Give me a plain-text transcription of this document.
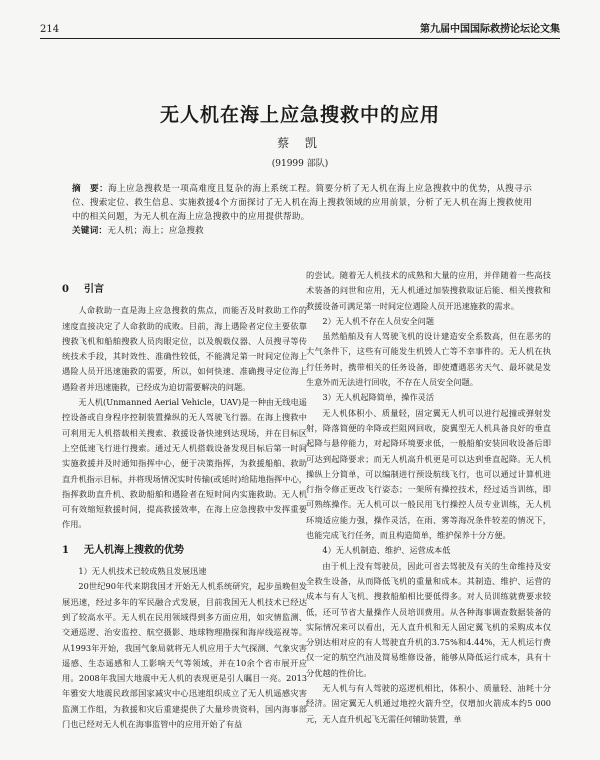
214	第九届中国国际救捞论坛论文集
无人机在海上应急搜救中的应用
蔡 凯
(91999 部队)

摘　要：海上应急搜救是一项高难度且复杂的海上系统工程。简要分析了无人机在海上应急搜救中的优势，从搜寻示位、搜索定位、救生信息、实施救援4个方面探讨了无人机在海上搜救领域的应用前景，分析了无人机在海上搜救使用中的相关问题，为无人机在海上应急搜救中的应用提供帮助。

关键词：无人机；海上；应急搜救

0 引言

人命救助一直是海上应急搜救的焦点，而能否及时救助工作的速度直接决定了人命救助的成败。目前，海上遇险者定位主要依靠搜救飞机和船舶搜救人员肉眼定位，以及舰载仪器、人员搜寻等传统技术手段，其时效性、准确性较低，不能满足第一时间定位海上遇险人员开迅速施救的需要，所以，如何快速、准确搜寻定位海上遇险者并迅速施救，已经成为迫切需要解决的问题。

无人机(Unmanned Aerial Vehicle，UAV)是一种由无线电遥控设备或自身程序控制装置操纵的无人驾驶飞行器。在海上搜救中可利用无人机搭载相关搜索、救援设备快速到达现场，并在目标区上空低速飞行进行搜索。通过无人机搭载设备发现目标后第一时间实施救援并及时通知指挥中心，便于决策指挥，为救援船舶、救助直升机指示目标，并将现场情况实时传输(或延时)给陆地指挥中心，指挥救助直升机、救助船舶和遇险者在短时间内实施救助。无人机可有效缩短救援时间，提高救援效率，在海上应急搜救中发挥重要作用。

1 无人机海上搜救的优势

1）无人机技术已较成熟且发展迅速

20世纪90年代来期我国才开始无人机系统研究，起步虽晚但发展迅速，经过多年的军民融合式发展，目前我国无人机技术已经达到了较高水平。无人机在民用领域得到多方面应用，如灾情监测、交通巡逻、治安监控、航空摄影、地球物理勘探和海岸线巡视等。从1993年开始，我国气象局就将无人机应用于大气探测、气象灾害遥感、生态遥感和人工影响天气等领域，并在10余个省市展开应用。2008年我国大地震中无人机的表现更是引人瞩目一亮。2013年雅安大地震民政部国家减灾中心迅速组织成立了无人机遥感灾害监测工作组，为救援和灾后重建提供了大量珍贵资料，国内海事部门也已经对无人机在海事监管中的应用开始了有益

的尝试。随着无人机技术的成熟和大量的应用，并伴随着一些高技术装备的问世和应用，无人机通过加装搜救取证后能、相关搜救和救援设备可满足第一时间定位遇险人员开迅速施救的需求。

2）无人机不存在人员安全问题

虽然船舶及有人驾驶飞机的设计建造安全系数高，但在恶劣的大气条件下，这些有可能发生机毁人亡等不幸事件的。无人机在执行任务时，携带相关的任务设备，即使遭遇恶劣天气、最坏就是发生意外而无法进行回收，不存在人员安全问题。

3）无人机起降简单，操作灵活

无人机体积小、质量轻，固定翼无人机可以进行起撞或弹射发射，降落简便的伞降或拦阻网回收，旋翼型无人机具备良好的垂直起降与悬停能力，对起降环境要求低，一般船舶安装回收设备后即可达到起降要求；而无人机高升机更是可以达到垂直起降。无人机操纵上分简单，可以编制进行预设航线飞行，也可以通过计算机进行指令修正更改飞行姿态；一架所有操控技术，经过适当训练，即可熟练操作。无人机可以一般民用飞行操控人员专业训练，无人机环境适应能力强，操作灵活，在雨、雾等海况条件较差的情况下，也能完成飞行任务，而且构造简单，维护保养十分方便。

4）无人机制造、维护、运营成本低

由于机上没有驾驶员，因此可省去驾驶及有关的生命维持及安全救生设备，从而降低飞机的重量和成本。其制造、维护、运营的成本与有人飞机、搜救船舶相比要低得多。对人员训练就费要求较低，还可节省大量操作人员培训费用。从各种海事调查数据装备的实际情况来可以看出，无人直升机和无人固定翼飞机的采购成本仅分别达相对应的有人驾驶直升机的3.75%和4.44%，无人机运行费仅一定的航空汽油及简易维修设备，能够从降低运行成本，具有十分优越的性价比。

无人机与有人驾驶的巡逻机相比，体积小、质量轻、油耗十分经济。固定翼无人机通过地控火箭升空，仅增加火箭成本约5 000元，无人直升机起飞无需任何辅助装置，单
